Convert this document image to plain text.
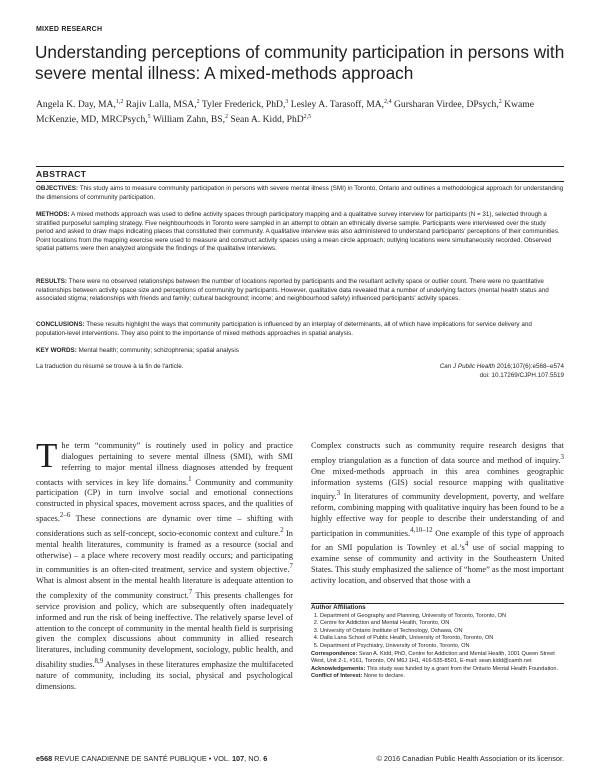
MIXED RESEARCH
Understanding perceptions of community participation in persons with severe mental illness: A mixed-methods approach
Angela K. Day, MA,$^{1,2}$ Rajiv Lalla, MSA,$^2$ Tyler Frederick, PhD,$^3$ Lesley A. Tarasoff, MA,$^{2,4}$ Gursharan Virdee, DPsych,$^2$ Kwame McKenzie, MD, MRCPsych,$^5$ William Zahn, BS,$^2$ Sean A. Kidd, PhD$^{2,5}$
ABSTRACT
OBJECTIVES: This study aims to measure community participation in persons with severe mental illness (SMI) in Toronto, Ontario and outlines a methodological approach for understanding the dimensions of community participation.
METHODS: A mixed methods approach was used to define activity spaces through participatory mapping and a qualitative survey interview for participants (N = 31), selected through a stratified purposeful sampling strategy. Five neighbourhoods in Toronto were sampled in an attempt to obtain an ethnically diverse sample. Participants were interviewed over the study period and asked to draw maps indicating places that constituted their community. A qualitative interview was also administered to understand participants' perceptions of their communities. Point locations from the mapping exercise were used to measure and construct activity spaces using a mean circle approach; outlying locations were simultaneously recorded. Observed spatial patterns were then analyzed alongside the findings of the qualitative interviews.
RESULTS: There were no observed relationships between the number of locations reported by participants and the resultant activity space or outlier count. There were no quantitative relationships between activity space size and perceptions of community by participants. However, qualitative data revealed that a number of underlying factors (mental health status and associated stigma; relationships with friends and family; cultural background; income; and neighbourhood safety) influenced participants' activity spaces.
CONCLUSIONS: These results highlight the ways that community participation is influenced by an interplay of determinants, all of which have implications for service delivery and population-level interventions. They also point to the importance of mixed methods approaches in spatial analysis.
KEY WORDS: Mental health; community; schizophrenia; spatial analysis
La traduction du résumé se trouve à la fin de l'article.	Can J Public Health 2016;107(6):e568–e574
doi: 10.17269/CJPH.107.5519
The term “community” is routinely used in policy and practice dialogues pertaining to severe mental illness (SMI), with SMI referring to major mental illness diagnoses attended by frequent contacts with services in key life domains.$^1$ Community and community participation (CP) in turn involve social and emotional connections constructed in physical spaces, movement across spaces, and the qualities of spaces.$^{2-6}$ These connections are dynamic over time – shifting with considerations such as self-concept, socio-economic context and culture.$^2$ In mental health literatures, community is framed as a resource (social and otherwise) – a place where recovery most readily occurs; and participating in communities is an often-cited treatment, service and system objective.$^7$ What is almost absent in the mental health literature is adequate attention to the complexity of the community construct.$^7$ This presents challenges for service provision and policy, which are subsequently often inadequately informed and run the risk of being ineffective. The relatively sparse level of attention to the concept of community in the mental health field is surprising given the complex discussions about community in allied research literatures, including community development, sociology, public health, and disability studies.$^{8,9}$ Analyses in these literatures emphasize the multifaceted nature of community, including its social, physical and psychological dimensions.
Complex constructs such as community require research designs that employ triangulation as a function of data source and method of inquiry.$^3$ One mixed-methods approach in this area combines geographic information systems (GIS) social resource mapping with qualitative inquiry.$^3$ In literatures of community development, poverty, and welfare reform, combining mapping with qualitative inquiry has been found to be a highly effective way for people to describe their understanding of and participation in communities.$^{4,10-12}$ One example of this type of approach for an SMI population is Townley et $al.’s^4$ use of social mapping to examine sense of community and activity in the Southeastern United States. This study emphasized the salience of “home” as the most important activity location, and observed that those with a
Author Affiliations
1. Department of Geography and Planning, University of Toronto, Toronto, ON
2. Centre for Addiction and Mental Health, Toronto, ON
3. University of Ontario Institute of Technology, Oshawa, ON
4. Dalla Lana School of Public Health, University of Toronto, Toronto, ON
5. Department of Psychiatry, University of Toronto, Toronto, ON
Correspondence: Sean A. Kidd, PhD, Centre for Addiction and Mental Health, 1001 Queen Street West, Unit 2-1, #161, Toronto, ON M6J 1H1, 416-535-8501, E-mail: sean.kidd@camh.net
Acknowledgements: This study was funded by a grant from the Ontario Mental Health Foundation.
Conflict of Interest: None to declare.
e568 REVUE CANADIENNE DE SANTÉ PUBLIQUE • VOL. 107, NO. 6	© 2016 Canadian Public Health Association or its licensor.
